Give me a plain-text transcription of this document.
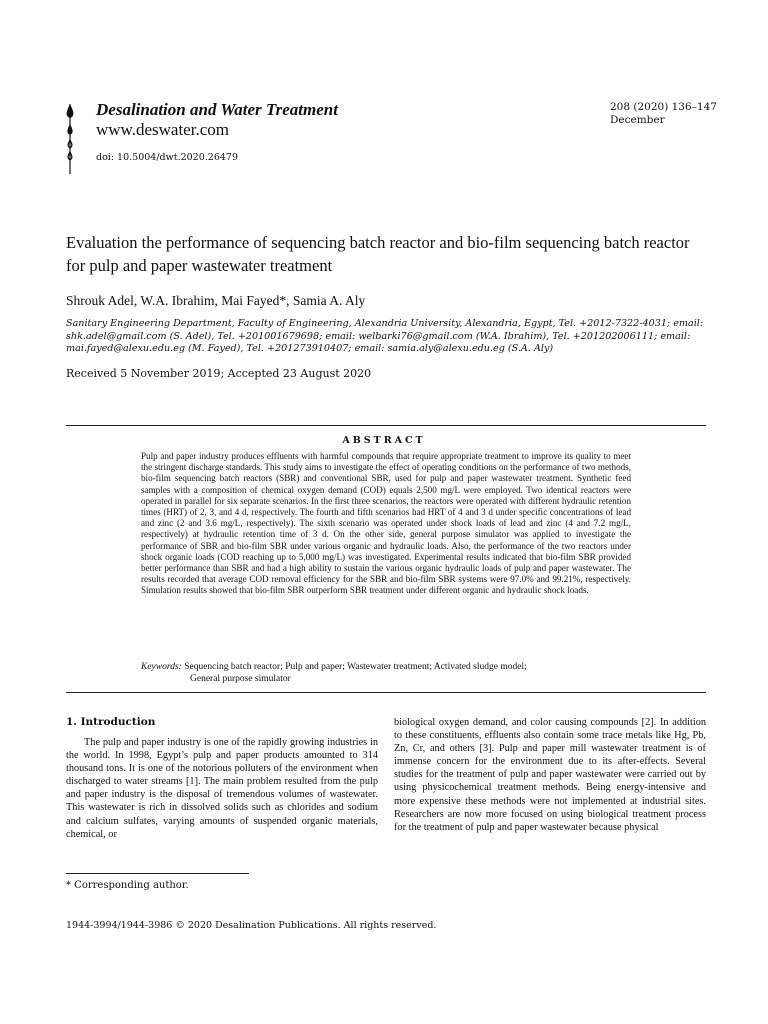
Desalination and Water Treatment
www.deswater.com
doi: 10.5004/dwt.2020.26479
208 (2020) 136–147
December
Evaluation the performance of sequencing batch reactor and bio-film sequencing batch reactor for pulp and paper wastewater treatment
Shrouk Adel, W.A. Ibrahim, Mai Fayed*, Samia A. Aly
Sanitary Engineering Department, Faculty of Engineering, Alexandria University, Alexandria, Egypt, Tel. +2012-7322-4031; email: shk.adel@gmail.com (S. Adel), Tel. +201001679698; email: welbarki76@gmail.com (W.A. Ibrahim), Tel. +201202006111; email: mai.fayed@alexu.edu.eg (M. Fayed), Tel. +201273910407; email: samia.aly@alexu.edu.eg (S.A. Aly)
Received 5 November 2019; Accepted 23 August 2020
ABSTRACT
Pulp and paper industry produces effluents with harmful compounds that require appropriate treatment to improve its quality to meet the stringent discharge standards. This study aims to investigate the effect of operating conditions on the performance of two methods, bio-film sequencing batch reactors (SBR) and conventional SBR, used for pulp and paper wastewater treatment. Synthetic feed samples with a composition of chemical oxygen demand (COD) equals 2,500 mg/L were employed. Two identical reactors were operated in parallel for six separate scenarios. In the first three scenarios, the reactors were operated with different hydraulic retention times (HRT) of 2, 3, and 4 d, respectively. The fourth and fifth scenarios had HRT of 4 and 3 d under specific concentrations of lead and zinc (2 and 3.6 mg/L, respectively). The sixth scenario was operated under shock loads of lead and zinc (4 and 7.2 mg/L, respectively) at hydraulic retention time of 3 d. On the other side, general purpose simulator was applied to investigate the performance of SBR and bio-film SBR under various organic and hydraulic loads. Also, the performance of the two reactors under shock organic loads (COD reaching up to 5,000 mg/L) was investigated. Experimental results indicated that bio-film SBR provided better performance than SBR and had a high ability to sustain the various organic hydraulic loads of pulp and paper wastewater. The results recorded that average COD removal efficiency for the SBR and bio-film SBR systems were 97.0% and 99.21%, respectively. Simulation results showed that bio-film SBR outperform SBR treatment under different organic and hydraulic shock loads.
Keywords: Sequencing batch reactor; Pulp and paper; Wastewater treatment; Activated sludge model;
General purpose simulator
1. Introduction
The pulp and paper industry is one of the rapidly growing industries in the world. In 1998, Egypt’s pulp and paper products amounted to 314 thousand tons. It is one of the notorious polluters of the environment when discharged to water streams [1]. The main problem resulted from the pulp and paper industry is the disposal of tremendous volumes of wastewater. This wastewater is rich in dissolved solids such as chlorides and sodium and calcium sulfates, varying amounts of suspended organic materials, chemical, or
biological oxygen demand, and color causing compounds [2]. In addition to these constituents, effluents also contain some trace metals like Hg, Pb, Zn, Cr, and others [3]. Pulp and paper mill wastewater treatment is of immense concern for the environment due to its after-effects. Several studies for the treatment of pulp and paper wastewater were carried out by using physicochemical treatment methods. Being energy-intensive and more expensive these methods were not implemented at industrial sites. Researchers are now more focused on using biological treatment process for the treatment of pulp and paper wastewater because physical
* Corresponding author.
1944-3994/1944-3986 © 2020 Desalination Publications. All rights reserved.
